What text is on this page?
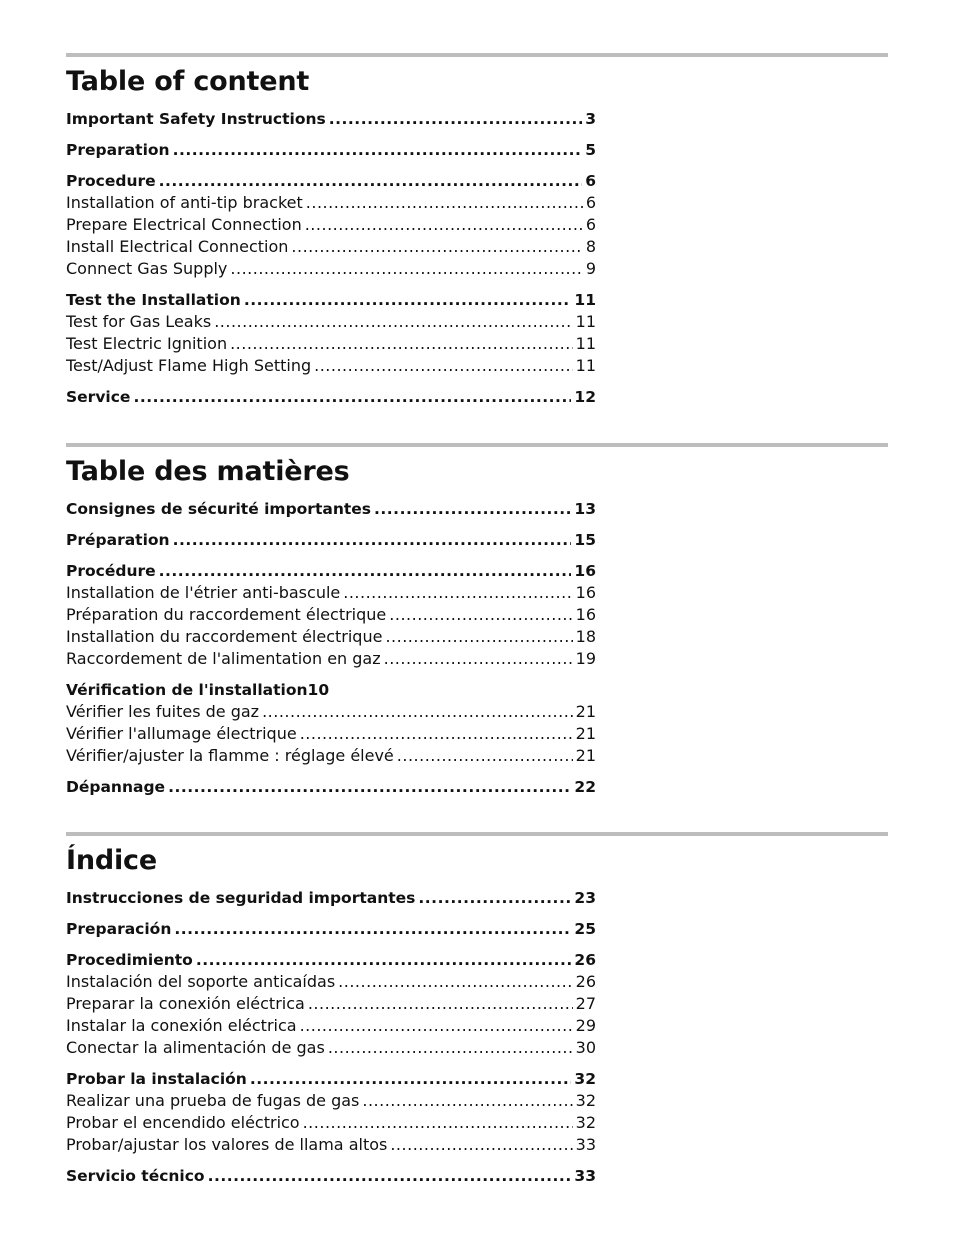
Table of content
Important Safety Instructions .....	3
Preparation .....	5
Procedure .....	6
Installation of anti-tip bracket .....	6
Prepare Electrical Connection .....	6
Install Electrical Connection .....	8
Connect Gas Supply .....	9
Test the Installation .....	11
Test for Gas Leaks .....	11
Test Electric Ignition .....	11
Test/Adjust Flame High Setting .....	11
Service .....	12
Table des matières
Consignes de sécurité importantes .....	13
Préparation .....	15
Procédure .....	16
Installation de l'étrier anti-bascule .....	16
Préparation du raccordement électrique .....	16
Installation du raccordement électrique .....	18
Raccordement de l'alimentation en gaz .....	19
Vérification de l'installation10
Vérifier les fuites de gaz .....	21
Vérifier l'allumage électrique .....	21
Vérifier/ajuster la flamme : réglage élevé .....	21
Dépannage .....	22
Índice
Instrucciones de seguridad importantes .....	23
Preparación .....	25
Procedimiento .....	26
Instalación del soporte anticaídas .....	26
Preparar la conexión eléctrica .....	27
Instalar la conexión eléctrica .....	29
Conectar la alimentación de gas .....	30
Probar la instalación .....	32
Realizar una prueba de fugas de gas .....	32
Probar el encendido eléctrico .....	32
Probar/ajustar los valores de llama altos .....	33
Servicio técnico .....	33
